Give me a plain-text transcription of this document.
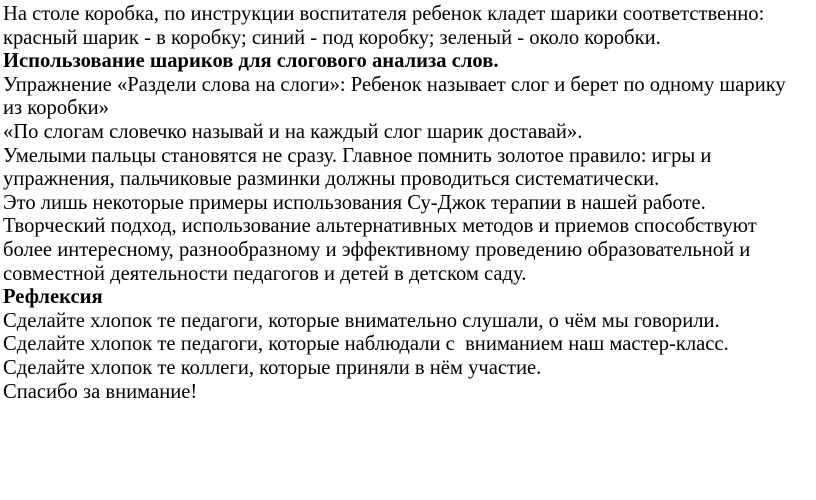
На столе коробка, по инструкции воспитателя ребенок кладет шарики соответственно: красный шарик - в коробку; синий - под коробку; зеленый - около коробки.

Использование шариков для слогового анализа слов.

Упражнение «Раздели слова на слоги»: Ребенок называет слог и берет по одному шарику из коробки»

«По слогам словечко называй и на каждый слог шарик доставай».

Умелыми пальцы становятся не сразу. Главное помнить золотое правило: игры и упражнения, пальчиковые разминки должны проводиться систематически.

Это лишь некоторые примеры использования Су-Джок терапии в нашей работе. Творческий подход, использование альтернативных методов и приемов способствуют более интересному, разнообразному и эффективному проведению образовательной и совместной деятельности педагогов и детей в детском саду.

Рефлексия

Сделайте хлопок те педагоги, которые внимательно слушали, о чём мы говорили.

Сделайте хлопок те педагоги, которые наблюдали с  вниманием наш мастер-класс.

Сделайте хлопок те коллеги, которые приняли в нём участие.

Спасибо за внимание!
